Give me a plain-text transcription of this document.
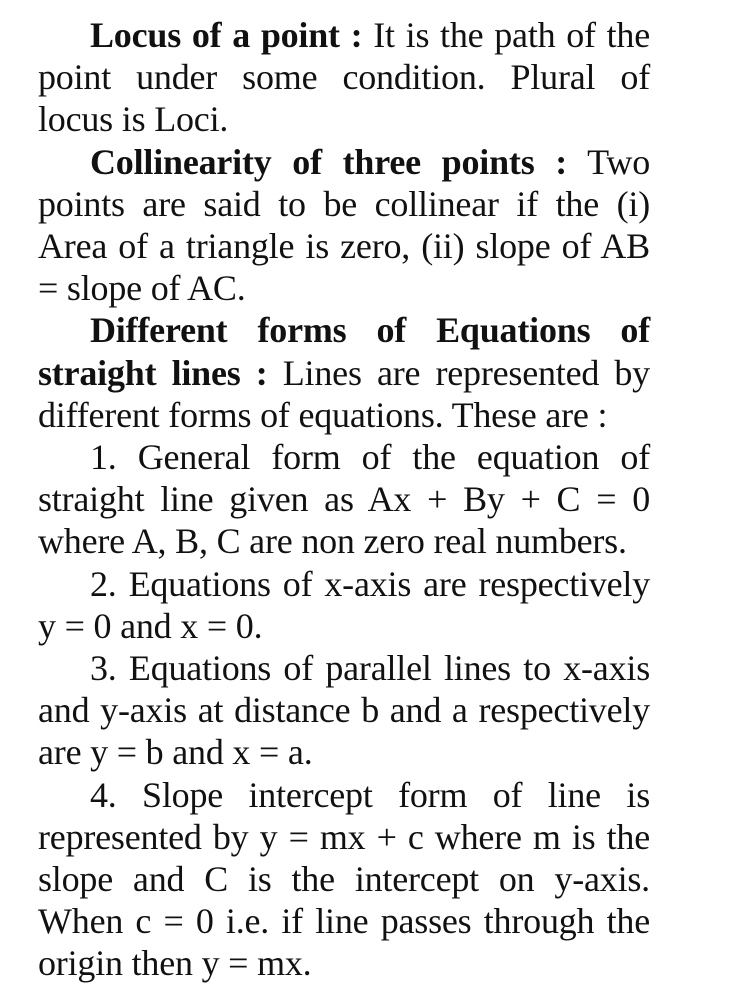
Locus of a point : It is the path of the point under some condition. Plural of locus is Loci.

Collinearity of three points : Two points are said to be collinear if the (i) Area of a triangle is zero, (ii) slope of AB = slope of AC.

Different forms of Equations of straight lines : Lines are represented by different forms of equations. These are :

1. General form of the equation of straight line given as Ax + By + C = 0 where A, B, C are non zero real numbers.

2. Equations of x-axis are respectively y = 0 and x = 0.

3. Equations of parallel lines to x-axis and y-axis at distance b and a respectively are y = b and x = a.

4. Slope intercept form of line is represented by y = mx + c where m is the slope and C is the intercept on y-axis. When c = 0 i.e. if line passes through the origin then y = mx.
